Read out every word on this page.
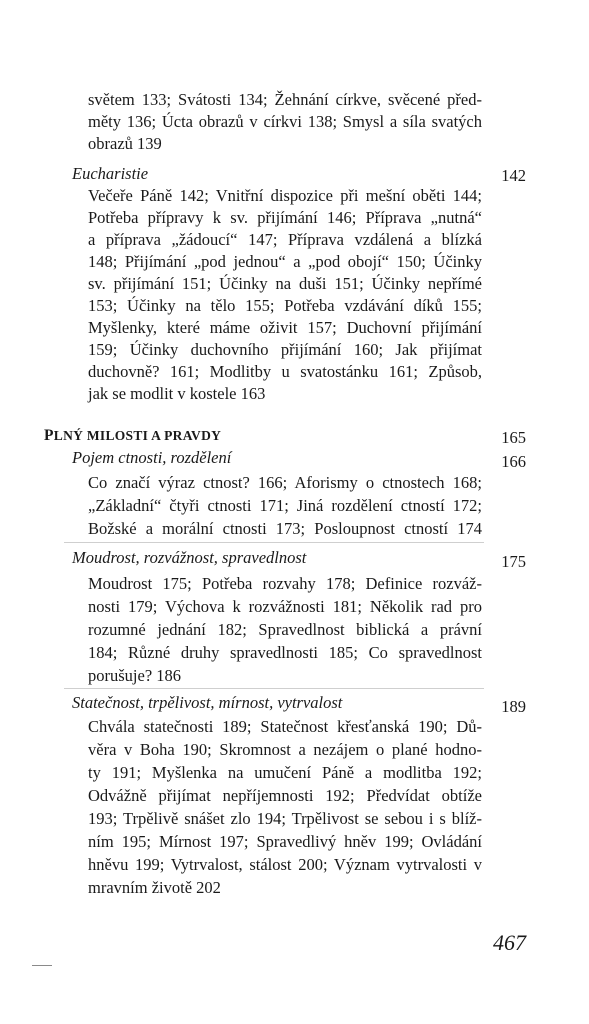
světem 133; Svátosti 134; Žehnání církve, svěcené před-
měty 136; Úcta obrazů v církvi 138; Smysl a síla svatých
obrazů 139
Eucharistie	142
Večeře Páně 142; Vnitřní dispozice při mešní oběti 144;
Potřeba přípravy k sv. přijímání 146; Příprava „nutná“
a příprava „žádoucí“ 147; Příprava vzdálená a blízká
148; Přijímání „pod jednou“ a „pod obojí“ 150; Účinky
sv. přijímání 151; Účinky na duši 151; Účinky nepřímé
153; Účinky na tělo 155; Potřeba vzdávání díků 155;
Myšlenky, které máme oživit 157; Duchovní přijímání
159; Účinky duchovního přijímání 160; Jak přijímat
duchovně? 161; Modlitby u svatostánku 161; Způsob,
jak se modlit v kostele 163
PLNÝ MILOSTI A PRAVDY	165
Pojem ctnosti, rozdělení	166
Co značí výraz ctnost? 166; Aforismy o ctnostech 168;
„Základní“ čtyři ctnosti 171; Jiná rozdělení ctností 172;
Božské a morální ctnosti 173; Posloupnost ctností 174
Moudrost, rozvážnost, spravedlnost	175
Moudrost 175; Potřeba rozvahy 178; Definice rozváž-
nosti 179; Výchova k rozvážnosti 181; Několik rad pro
rozumné jednání 182; Spravedlnost biblická a právní
184; Různé druhy spravedlnosti 185; Co spravedlnost
porušuje? 186
Statečnost, trpělivost, mírnost, vytrvalost	189
Chvála statečnosti 189; Statečnost křesťanská 190; Dů-
věra v Boha 190; Skromnost a nezájem o plané hodno-
ty 191; Myšlenka na umučení Páně a modlitba 192;
Odvážně přijímat nepříjemnosti 192; Předvídat obtíže
193; Trpělivě snášet zlo 194; Trpělivost se sebou i s blíž-
ním 195; Mírnost 197; Spravedlivý hněv 199; Ovládání
hněvu 199; Vytrvalost, stálost 200; Význam vytrvalosti v
mravním životě 202
467
